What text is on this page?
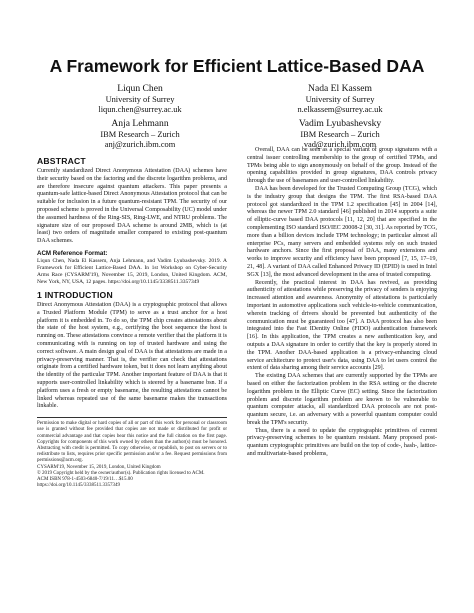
A Framework for Efficient Lattice-Based DAA
Liqun Chen
University of Surrey
liqun.chen@surrey.ac.uk
Nada El Kassem
University of Surrey
n.elkassem@surrey.ac.uk
Anja Lehmann
IBM Research – Zurich
anj@zurich.ibm.com
Vadim Lyubashevsky
IBM Research – Zurich
vad@zurich.ibm.com
ABSTRACT

Currently standardized Direct Anonymous Attestation (DAA) schemes have their security based on the factoring and the discrete logarithm problems, and are therefore insecure against quantum attackers. This paper presents a quantum-safe lattice-based Direct Anonymous Attestation protocol that can be suitable for inclusion in a future quantum-resistant TPM. The security of our proposed scheme is proved in the Universal Composability (UC) model under the assumed hardness of the Ring-SIS, Ring-LWE, and NTRU problems. The signature size of our proposed DAA scheme is around 2MB, which is (at least) two orders of magnitude smaller compared to existing post-quantum DAA schemes.

ACM Reference Format:

Liqun Chen, Nada El Kassem, Anja Lehmann, and Vadim Lyubashevsky. 2019. A Framework for Efficient Lattice-Based DAA. In 1st Workshop on Cyber-Security Arms Race (CYSARM'19), November 15, 2019, London, United Kingdom. ACM, New York, NY, USA, 12 pages. https://doi.org/10.1145/3338511.3357349

1 INTRODUCTION

Direct Anonymous Attestation (DAA) is a cryptographic protocol that allows a Trusted Platform Module (TPM) to serve as a trust anchor for a host platform it is embedded in. To do so, the TPM chip creates attestations about the state of the host system, e.g., certifying the boot sequence the host is running on. These attestations convince a remote verifier that the platform it is communicating with is running on top of trusted hardware and using the correct software. A main design goal of DAA is that attestations are made in a privacy-preserving manner. That is, the verifier can check that attestations originate from a certified hardware token, but it does not learn anything about the identity of the particular TPM. Another important feature of DAA is that it supports user-controlled linkability which is steered by a basename bsn. If a platform uses a fresh or empty basename, the resulting attestations cannot be linked whereas repeated use of the same basename makes the transactions linkable.

Permission to make digital or hard copies of all or part of this work for personal or classroom use is granted without fee provided that copies are not made or distributed for profit or commercial advantage and that copies bear this notice and the full citation on the first page. Copyrights for components of this work owned by others than the author(s) must be honored. Abstracting with credit is permitted. To copy otherwise, or republish, to post on servers or to redistribute to lists, requires prior specific permission and/or a fee. Request permissions from permissions@acm.org.

CYSARM'19, November 15, 2019, London, United Kingdom

© 2019 Copyright held by the owner/author(s). Publication rights licensed to ACM.

ACM ISBN 978-1-4503-6840-7/19/11…$15.00

https://doi.org/10.1145/3338511.3357349

Overall, DAA can be seen as a special variant of group signatures with a central issuer controlling membership to the group of certified TPMs, and TPMs being able to sign anonymously on behalf of the group. Instead of the opening capabilities provided in group signatures, DAA controls privacy through the use of basenames and user-controlled linkability.

DAA has been developed for the Trusted Computing Group (TCG), which is the industry group that designs the TPM. The first RSA-based DAA protocol got standardized in the TPM 1.2 specification [45] in 2004 [14], whereas the newer TPM 2.0 standard [46] published in 2014 supports a suite of elliptic-curve based DAA protocols [11, 12, 20] that are specified in the complementing ISO standard ISO/IEC 20008-2 [30, 31]. As reported by TCG, more than a billion devices include TPM technology; in particular almost all enterprise PCs, many servers and embedded systems rely on such trusted hardware anchors. Since the first proposal of DAA, many extensions and works to improve security and efficiency have been proposed [7, 15, 17–19, 21, 48]. A variant of DAA called Enhanced Privacy ID (EPID) is used in Intel SGX [13], the most advanced development in the area of trusted computing.

Recently, the practical interest in DAA has revived, as providing authenticity of attestations while preserving the privacy of senders is enjoying increased attention and awareness. Anonymity of attestations is particularly important in automotive applications such vehicle-to-vehicle communication, wherein tracking of drivers should be prevented but authenticity of the communication must be guaranteed too [47]. A DAA protocol has also been integrated into the Fast IDentity Online (FIDO) authentication framework [16]. In this application, the TPM creates a new authentication key, and outputs a DAA signature in order to certify that the key is properly stored in the TPM. Another DAA-based application is a privacy-enhancing cloud service architecture to protect user's data, using DAA to let users control the extent of data sharing among their service accounts [29].

The existing DAA schemes that are currently supported by the TPMs are based on either the factorization problem in the RSA setting or the discrete logarithm problem in the Elliptic Curve (EC) setting. Since the factorization problem and discrete logarithm problem are known to be vulnerable to quantum computer attacks, all standardized DAA protocols are not post-quantum secure, i.e. an adversary with a powerful quantum computer could break the TPM's security.

Thus, there is a need to update the cryptographic primitives of current privacy-preserving schemes to be quantum resistant. Many proposed post-quantum cryptographic primitives are build on the top of code-, hash-, lattice- and multivariate-based problems,
